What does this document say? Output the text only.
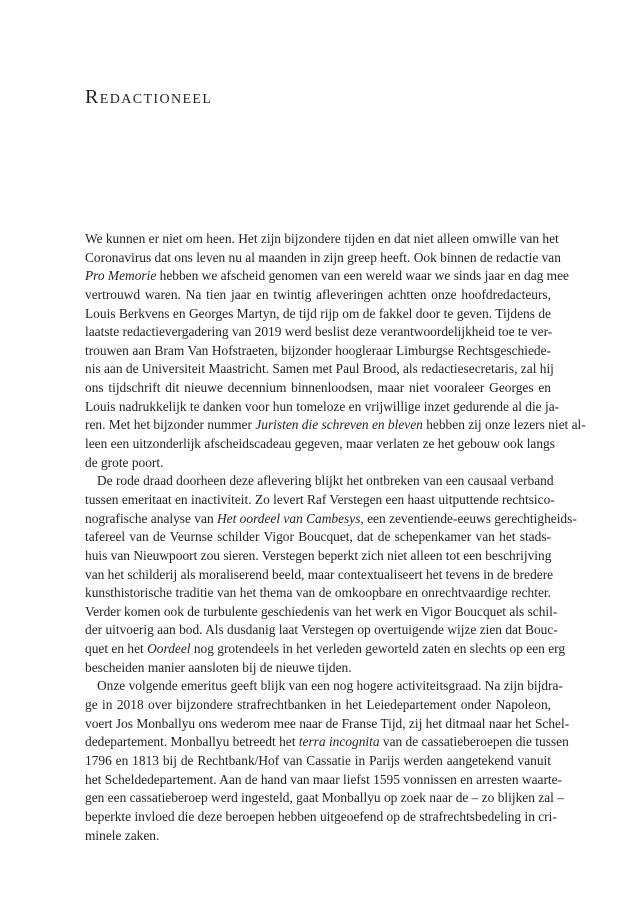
Redactioneel
We kunnen er niet om heen. Het zijn bijzondere tijden en dat niet alleen omwille van het
Coronavirus dat ons leven nu al maanden in zijn greep heeft. Ook binnen de redactie van
Pro Memorie hebben we afscheid genomen van een wereld waar we sinds jaar en dag mee
vertrouwd waren. Na tien jaar en twintig afleveringen achtten onze hoofdredacteurs,
Louis Berkvens en Georges Martyn, de tijd rijp om de fakkel door te geven. Tijdens de
laatste redactievergadering van 2019 werd beslist deze verantwoordelijkheid toe te ver-
trouwen aan Bram Van Hofstraeten, bijzonder hoogleraar Limburgse Rechtsgeschiede-
nis aan de Universiteit Maastricht. Samen met Paul Brood, als redactiesecretaris, zal hij
ons tijdschrift dit nieuwe decennium binnenloodsen, maar niet vooraleer Georges en
Louis nadrukkelijk te danken voor hun tomeloze en vrijwillige inzet gedurende al die ja-
ren. Met het bijzonder nummer Juristen die schreven en bleven hebben zij onze lezers niet al-
leen een uitzonderlijk afscheidscadeau gegeven, maar verlaten ze het gebouw ook langs
de grote poort.
De rode draad doorheen deze aflevering blijkt het ontbreken van een causaal verband
tussen emeritaat en inactiviteit. Zo levert Raf Verstegen een haast uitputtende rechtsico-
nografische analyse van Het oordeel van Cambesys, een zeventiende-eeuws gerechtigheids-
tafereel van de Veurnse schilder Vigor Boucquet, dat de schepenkamer van het stads-
huis van Nieuwpoort zou sieren. Verstegen beperkt zich niet alleen tot een beschrijving
van het schilderij als moraliserend beeld, maar contextualiseert het tevens in de bredere
kunsthistorische traditie van het thema van de omkoopbare en onrechtvaardige rechter.
Verder komen ook de turbulente geschiedenis van het werk en Vigor Boucquet als schil-
der uitvoerig aan bod. Als dusdanig laat Verstegen op overtuigende wijze zien dat Bouc-
quet en het Oordeel nog grotendeels in het verleden geworteld zaten en slechts op een erg
bescheiden manier aansloten bij de nieuwe tijden.
Onze volgende emeritus geeft blijk van een nog hogere activiteitsgraad. Na zijn bijdra-
ge in 2018 over bijzondere strafrechtbanken in het Leiedepartement onder Napoleon,
voert Jos Monballyu ons wederom mee naar de Franse Tijd, zij het ditmaal naar het Schel-
dedepartement. Monballyu betreedt het terra incognita van de cassatieberoepen die tussen
1796 en 1813 bij de Rechtbank/Hof van Cassatie in Parijs werden aangetekend vanuit
het Scheldedepartement. Aan de hand van maar liefst 1595 vonnissen en arresten waarte-
gen een cassatieberoep werd ingesteld, gaat Monballyu op zoek naar de – zo blijken zal –
beperkte invloed die deze beroepen hebben uitgeoefend op de strafrechtsbedeling in cri-
minele zaken.
